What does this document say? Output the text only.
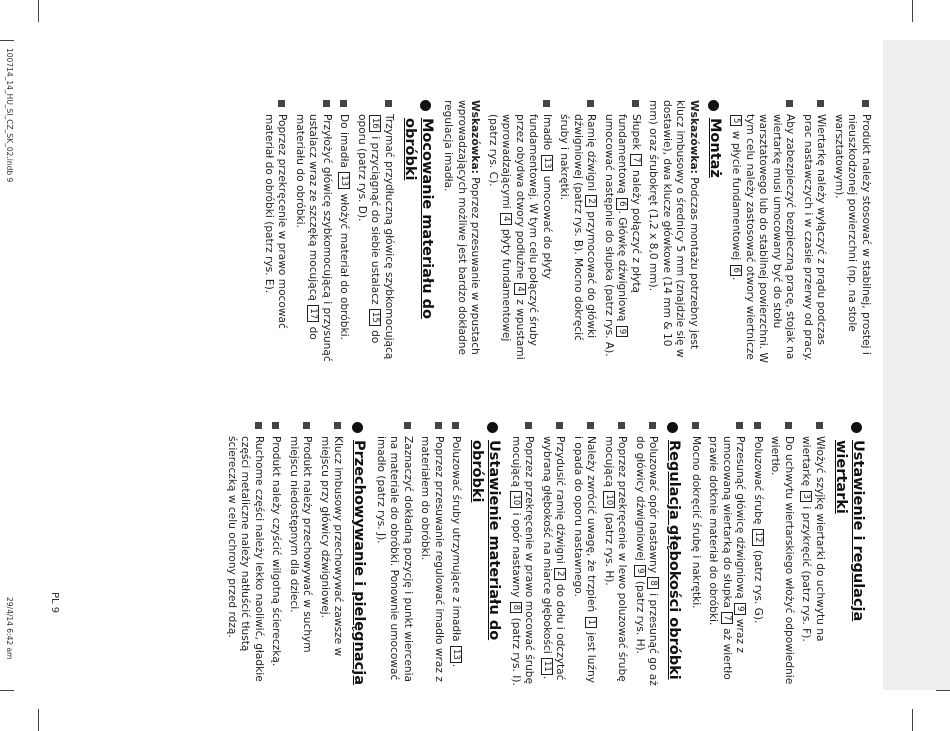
100714_14_HU_SI_CZ_SK_02.indb 9
PL 9
29/4/14 6:42 am
Produkt należy stosować w stabilnej, prostej i nieuszkodzonej powierzchni (np. na stole warsztatowym).
Wiertarkę należy wyłączyć z prądu podczas prac nastawczych i w czasie przerwy od pracy.
Aby zabezpieczyć bezpieczną pracę, stojak na wiertarkę musi umocowany być do stołu warsztatowego lub do stabilnej powierzchni. W tym celu należy zastosować otwory wiertnicze 5 w płycie fundamentowej 6.
Montaż
Wskazówka: Podczas montażu potrzebny jest klucz imbusowy o średnicy 5 mm (znajdzie się w dostawie), dwa klucze główkowe (14 mm & 10 mm) oraz śrubokręt (1,2 x 8,0 mm).
Słupek 7 należy połączyć z płytą fundamentową 6. Główkę dźwigniową 9 umocować następnie do słupka (patrz rys. A).
Ramię dźwigni 2 przymocować do główki dźwigniowej (patrz rys. B). Mocno dokręcić śruby i nakrętki.
Imadło 13 umocować do płyty fundamentowej. W tym celu połączyć śruby przez obydwa otwory podłużne 4 z wpustami wprowadzającymi 4 płyty fundamentowej (patrz rys. C).
Wskazówka: Poprzez przesuwanie w wpustach wprowadzających możliwe jest bardzo dokładne regulacja imadła.
Mocowanie materiału do obróbki
Trzymać przydłuczną główicę szybkomocującą 16 i przyciągnąć do siebie ustalacz 15 do oporu (patrz rys. D).
Do imadła 13 włożyć materiał do obróbki.
Przyłożyć główicę szybkomocującą i przysunąć ustalacz wraz ze szczęką mocującą 17 do materiału do obróbki.
Poprzez przekręcenie w prawo mocować materiał do obróbki (patrz rys. E).
Ustawienie i regulacja wiertarki
Włożyć szyjkę wiertarki do uchwytu na wiertarkę 3 i przykręcić (patrz rys. F).
Do uchwytu wiertarskiego włożyć odpowiednie wiertło.
Poluzować śrubę 12 (patrz rys. G).
Przesunąć główicę dźwigniową 9 wraz z umocowaną wiertarką do słupka 7 aż wiertło prawie dotknie materiał do obróbki.
Mocno dokręcić śrubę i nakrętki.
Regulacja głębokości obróbki
Poluzować opór nastawny 8 i przesunąć go aż do główicy dźwigniowej 9 (patrz rys. H).
Poprzez przekręcenie w lewo poluzować śrubę mocującą 10 (patrz rys. H).
Należy zwrócić uwagę, że trzpień 1 jest luźny i opada do oporu nastawnego.
Przydusić ramię dźwigni 2 do dołu i odczytać wybraną głębokość na miarce głębokości 11.
Poprzez przekręcenie w prawo mocować śrubę mocującą 10 i opór nastawny 8 (patrz rys. I).
Ustawienie materiału do obróbki
Poluzować śruby utrzymujące z imadła 13.
Poprzez przesuwanie regulować imadło wraz z materiałem do obróbki.
Zaznaczyć dokładną pozycję i punkt wiercenia na materiale do obróbki. Ponownie umocować imadło (patrz rys. J).
Przechowywanie i pielęgnacja
Klucz imbusowy przechowywać zawsze w miejscu przy główicy dźwigniowej.
Produkt należy przechowywać w suchym miejscu niedostępnym dla dzieci.
Produkt należy czyścić wilgotną ściereczką.
Ruchome części należy lekko naoliwić, gładkie części metaliczne należy natłuścić tłustą ściereczką w celu ochrony przed rdzą.
